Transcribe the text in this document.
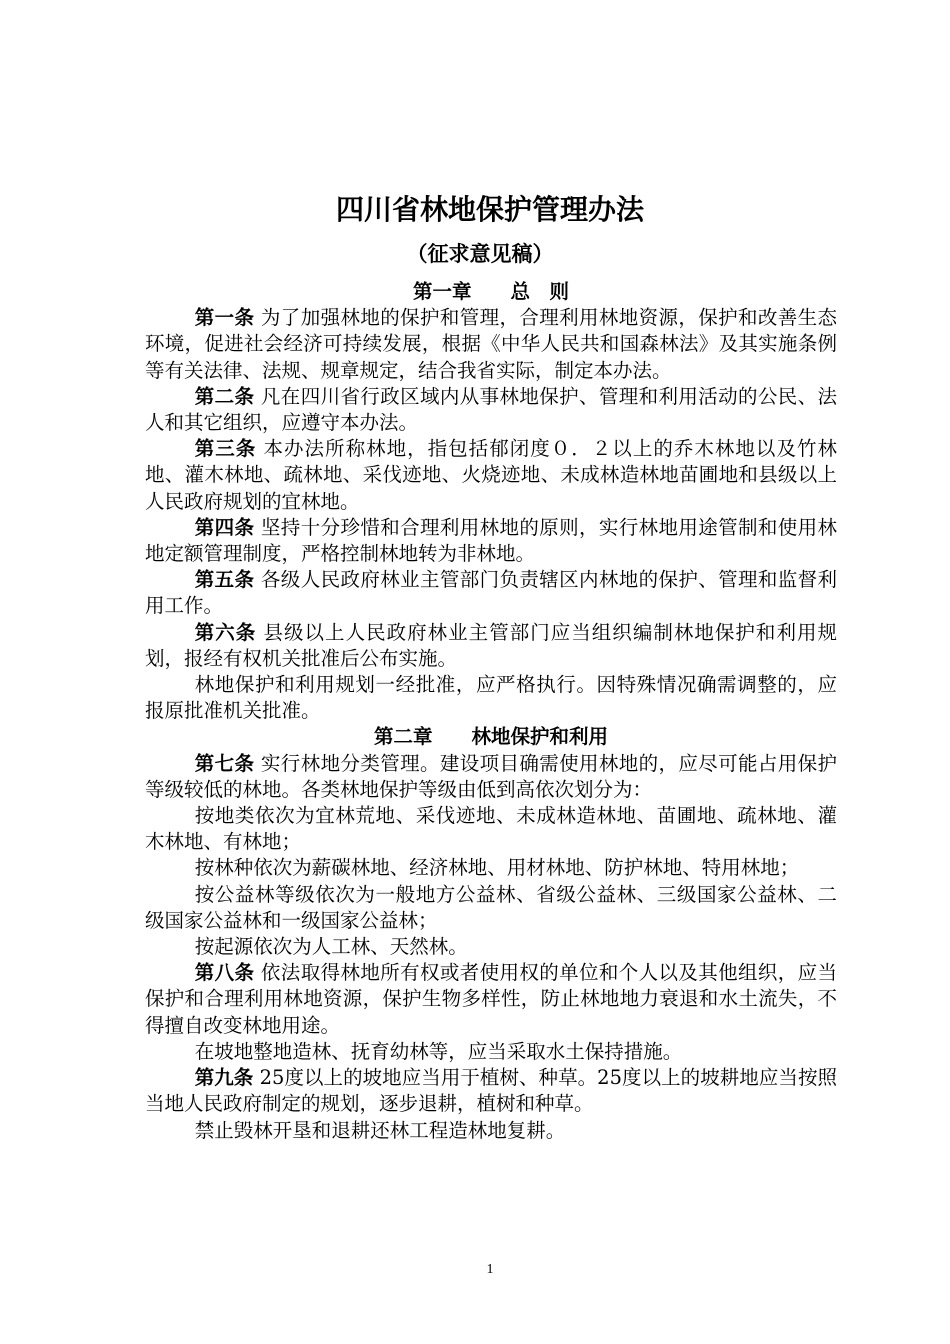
四川省林地保护管理办法
（征求意见稿）

第一章　　 总　则

第一条 为了加强林地的保护和管理，合理利用林地资源，保护和改善生态环境，促进社会经济可持续发展，根据《中华人民共和国森林法》及其实施条例等有关法律、法规、规章规定，结合我省实际，制定本办法。

第二条 凡在四川省行政区域内从事林地保护、管理和利用活动的公民、法人和其它组织，应遵守本办法。

第三条 本办法所称林地，指包括郁闭度０．２以上的乔木林地以及竹林地、灌木林地、疏林地、采伐迹地、火烧迹地、未成林造林地苗圃地和县级以上人民政府规划的宜林地。

第四条 坚持十分珍惜和合理利用林地的原则，实行林地用途管制和使用林地定额管理制度，严格控制林地转为非林地。

第五条 各级人民政府林业主管部门负责辖区内林地的保护、管理和监督利用工作。

第六条 县级以上人民政府林业主管部门应当组织编制林地保护和利用规划，报经有权机关批准后公布实施。

林地保护和利用规划一经批准，应严格执行。因特殊情况确需调整的，应报原批准机关批准。

第二章　　 林地保护和利用

第七条 实行林地分类管理。建设项目确需使用林地的，应尽可能占用保护等级较低的林地。各类林地保护等级由低到高依次划分为：

按地类依次为宜林荒地、采伐迹地、未成林造林地、苗圃地、疏林地、灌木林地、有林地；

按林种依次为薪碳林地、经济林地、用材林地、防护林地、特用林地；

按公益林等级依次为一般地方公益林、省级公益林、三级国家公益林、二级国家公益林和一级国家公益林；

按起源依次为人工林、天然林。

第八条 依法取得林地所有权或者使用权的单位和个人以及其他组织，应当保护和合理利用林地资源，保护生物多样性，防止林地地力衰退和水土流失，不得擅自改变林地用途。

在坡地整地造林、抚育幼林等，应当采取水土保持措施。

第九条 25度以上的坡地应当用于植树、种草。25度以上的坡耕地应当按照当地人民政府制定的规划，逐步退耕，植树和种草。

禁止毁林开垦和退耕还林工程造林地复耕。

1
